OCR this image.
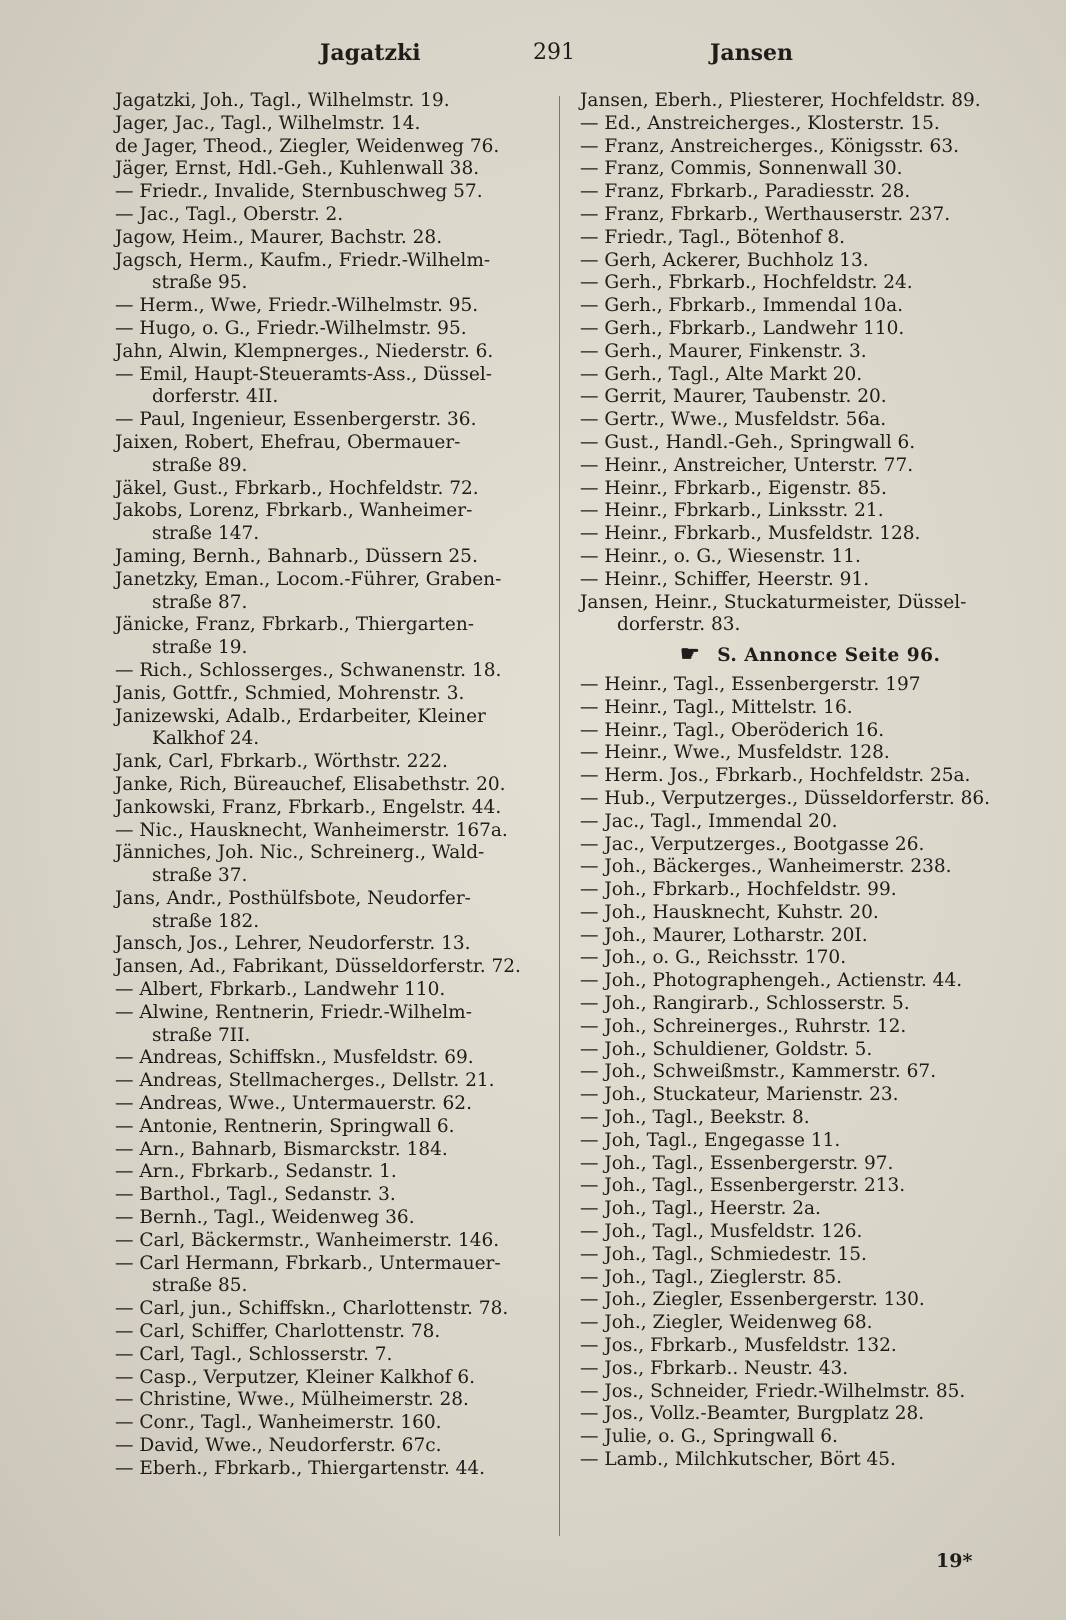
Jagatzki	291	Jansen
Jagatzki, Joh., Tagl., Wilhelmstr. 19.
Jager, Jac., Tagl., Wilhelmstr. 14.
de Jager, Theod., Ziegler, Weidenweg 76.
Jäger, Ernst, Hdl.-Geh., Kuhlenwall 38.
— Friedr., Invalide, Sternbuschweg 57.
— Jac., Tagl., Oberstr. 2.
Jagow, Heim., Maurer, Bachstr. 28.
Jagsch, Herm., Kaufm., Friedr.-Wilhelm-
straße 95.
— Herm., Wwe, Friedr.-Wilhelmstr. 95.
— Hugo, o. G., Friedr.-Wilhelmstr. 95.
Jahn, Alwin, Klempnerges., Niederstr. 6.
— Emil, Haupt-Steueramts-Ass., Düssel-
dorferstr. 4II.
— Paul, Ingenieur, Essenbergerstr. 36.
Jaixen, Robert, Ehefrau, Obermauer-
straße 89.
Jäkel, Gust., Fbrkarb., Hochfeldstr. 72.
Jakobs, Lorenz, Fbrkarb., Wanheimer-
straße 147.
Jaming, Bernh., Bahnarb., Düssern 25.
Janetzky, Eman., Locom.-Führer, Graben-
straße 87.
Jänicke, Franz, Fbrkarb., Thiergarten-
straße 19.
— Rich., Schlosserges., Schwanenstr. 18.
Janis, Gottfr., Schmied, Mohrenstr. 3.
Janizewski, Adalb., Erdarbeiter, Kleiner
Kalkhof 24.
Jank, Carl, Fbrkarb., Wörthstr. 222.
Janke, Rich, Büreauchef, Elisabethstr. 20.
Jankowski, Franz, Fbrkarb., Engelstr. 44.
— Nic., Hausknecht, Wanheimerstr. 167a.
Jänniches, Joh. Nic., Schreinerg., Wald-
straße 37.
Jans, Andr., Posthülfsbote, Neudorfer-
straße 182.
Jansch, Jos., Lehrer, Neudorferstr. 13.
Jansen, Ad., Fabrikant, Düsseldorferstr. 72.
— Albert, Fbrkarb., Landwehr 110.
— Alwine, Rentnerin, Friedr.-Wilhelm-
straße 7II.
— Andreas, Schiffskn., Musfeldstr. 69.
— Andreas, Stellmacherges., Dellstr. 21.
— Andreas, Wwe., Untermauerstr. 62.
— Antonie, Rentnerin, Springwall 6.
— Arn., Bahnarb, Bismarckstr. 184.
— Arn., Fbrkarb., Sedanstr. 1.
— Barthol., Tagl., Sedanstr. 3.
— Bernh., Tagl., Weidenweg 36.
— Carl, Bäckermstr., Wanheimerstr. 146.
— Carl Hermann, Fbrkarb., Untermauer-
straße 85.
— Carl, jun., Schiffskn., Charlottenstr. 78.
— Carl, Schiffer, Charlottenstr. 78.
— Carl, Tagl., Schlosserstr. 7.
— Casp., Verputzer, Kleiner Kalkhof 6.
— Christine, Wwe., Mülheimerstr. 28.
— Conr., Tagl., Wanheimerstr. 160.
— David, Wwe., Neudorferstr. 67c.
— Eberh., Fbrkarb., Thiergartenstr. 44.
Jansen, Eberh., Pliesterer, Hochfeldstr. 89.
— Ed., Anstreicherges., Klosterstr. 15.
— Franz, Anstreicherges., Königsstr. 63.
— Franz, Commis, Sonnenwall 30.
— Franz, Fbrkarb., Paradiesstr. 28.
— Franz, Fbrkarb., Werthauserstr. 237.
— Friedr., Tagl., Bötenhof 8.
— Gerh, Ackerer, Buchholz 13.
— Gerh., Fbrkarb., Hochfeldstr. 24.
— Gerh., Fbrkarb., Immendal 10a.
— Gerh., Fbrkarb., Landwehr 110.
— Gerh., Maurer, Finkenstr. 3.
— Gerh., Tagl., Alte Markt 20.
— Gerrit, Maurer, Taubenstr. 20.
— Gertr., Wwe., Musfeldstr. 56a.
— Gust., Handl.-Geh., Springwall 6.
— Heinr., Anstreicher, Unterstr. 77.
— Heinr., Fbrkarb., Eigenstr. 85.
— Heinr., Fbrkarb., Linksstr. 21.
— Heinr., Fbrkarb., Musfeldstr. 128.
— Heinr., o. G., Wiesenstr. 11.
— Heinr., Schiffer, Heerstr. 91.
Jansen, Heinr., Stuckaturmeister, Düssel-
dorferstr. 83.
☛ S. Annonce Seite 96.
— Heinr., Tagl., Essenbergerstr. 197
— Heinr., Tagl., Mittelstr. 16.
— Heinr., Tagl., Oberöderich 16.
— Heinr., Wwe., Musfeldstr. 128.
— Herm. Jos., Fbrkarb., Hochfeldstr. 25a.
— Hub., Verputzerges., Düsseldorferstr. 86.
— Jac., Tagl., Immendal 20.
— Jac., Verputzerges., Bootgasse 26.
— Joh., Bäckerges., Wanheimerstr. 238.
— Joh., Fbrkarb., Hochfeldstr. 99.
— Joh., Hausknecht, Kuhstr. 20.
— Joh., Maurer, Lotharstr. 20I.
— Joh., o. G., Reichsstr. 170.
— Joh., Photographengeh., Actienstr. 44.
— Joh., Rangirarb., Schlosserstr. 5.
— Joh., Schreinerges., Ruhrstr. 12.
— Joh., Schuldiener, Goldstr. 5.
— Joh., Schweißmstr., Kammerstr. 67.
— Joh., Stuckateur, Marienstr. 23.
— Joh., Tagl., Beekstr. 8.
— Joh, Tagl., Engegasse 11.
— Joh., Tagl., Essenbergerstr. 97.
— Joh., Tagl., Essenbergerstr. 213.
— Joh., Tagl., Heerstr. 2a.
— Joh., Tagl., Musfeldstr. 126.
— Joh., Tagl., Schmiedestr. 15.
— Joh., Tagl., Zieglerstr. 85.
— Joh., Ziegler, Essenbergerstr. 130.
— Joh., Ziegler, Weidenweg 68.
— Jos., Fbrkarb., Musfeldstr. 132.
— Jos., Fbrkarb.. Neustr. 43.
— Jos., Schneider, Friedr.-Wilhelmstr. 85.
— Jos., Vollz.-Beamter, Burgplatz 28.
— Julie, o. G., Springwall 6.
— Lamb., Milchkutscher, Bört 45.
19*
